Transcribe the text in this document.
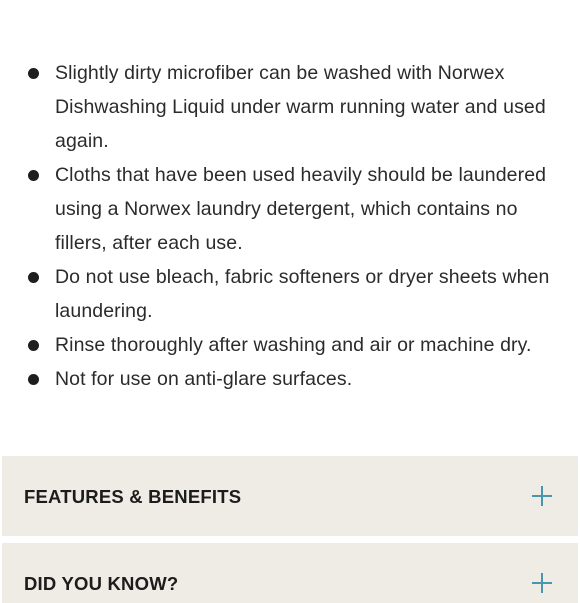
Slightly dirty microfiber can be washed with Norwex Dishwashing Liquid under warm running water and used again.
Cloths that have been used heavily should be laundered using a Norwex laundry detergent, which contains no fillers, after each use.
Do not use bleach, fabric softeners or dryer sheets when laundering.
Rinse thoroughly after washing and air or machine dry.
Not for use on anti-glare surfaces.
FEATURES & BENEFITS
DID YOU KNOW?
